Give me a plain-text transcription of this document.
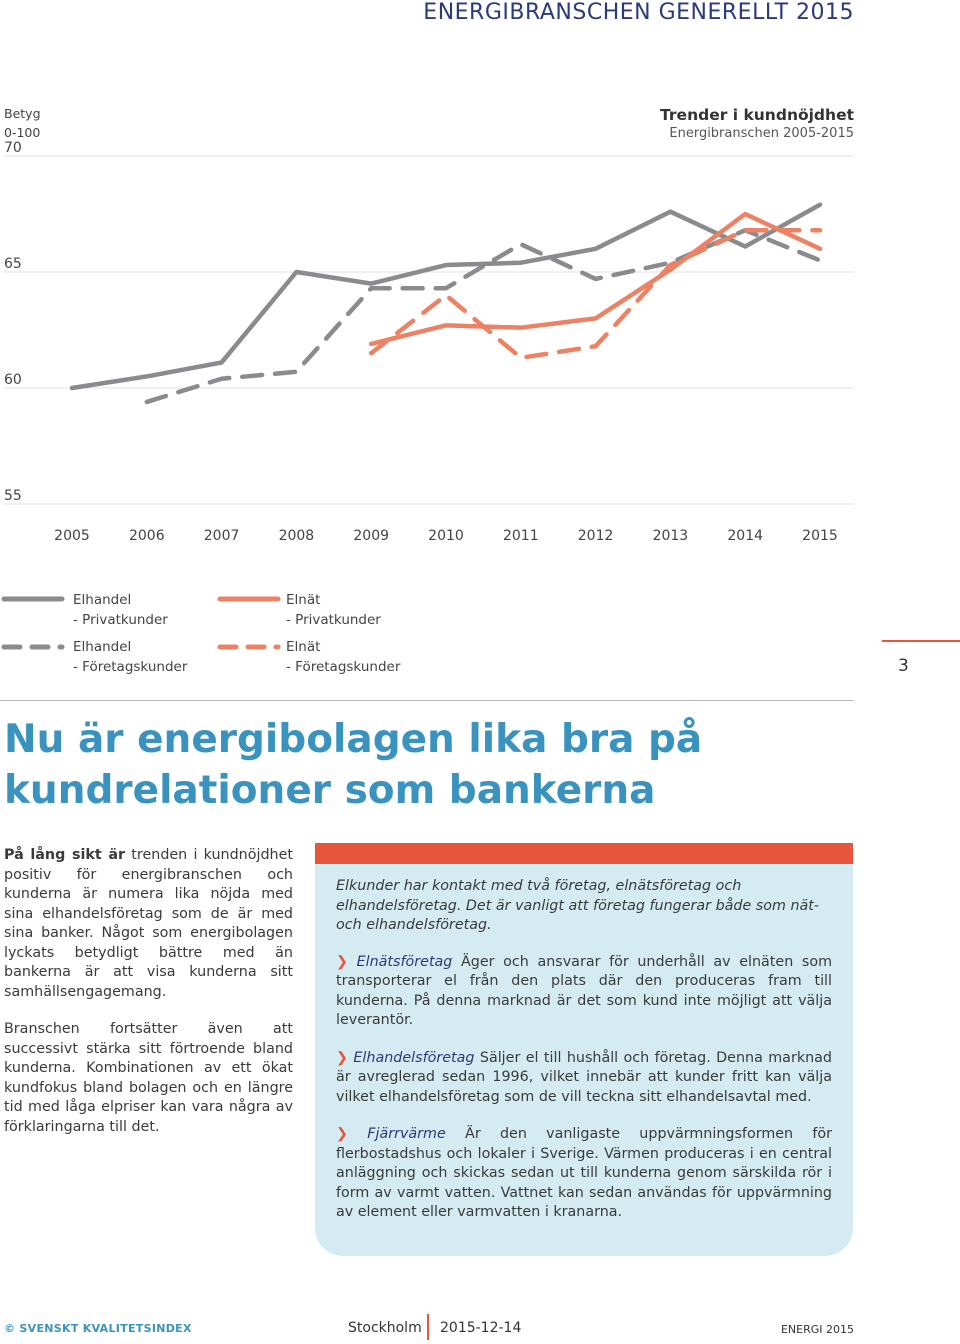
ENERGIBRANSCHEN GENERELLT 2015
Betyg
0-100
Trender i kundnöjdhet
Energibranschen 2005-2015
70
65
60
55
2005	2006	2007	2008	2009	2010	2011	2012	2013	2014	2015
Elhandel
- Privatkunder
Elhandel
- Företagskunder
Elnät
- Privatkunder
Elnät
- Företagskunder	3
Nu är energibolagen lika bra på
kundrelationer som bankerna

På lång sikt är trenden i kundnöjdhet positiv för energibranschen och kunderna är numera lika nöjda med sina elhandelsföretag som de är med sina banker. Något som energibolagen lyckats betydligt bättre med än bankerna är att visa kunderna sitt samhällsengagemang.

Branschen fortsätter även att successivt stärka sitt förtroende bland kunderna. Kombinationen av ett ökat kundfokus bland bolagen och en längre tid med låga elpriser kan vara några av förklaringarna till det.

Elkunder har kontakt med två företag, elnätsföretag och elhandelsföretag. Det är vanligt att företag fungerar både som nät- och elhandelsföretag.

❯ Elnätsföretag Äger och ansvarar för underhåll av elnäten som transporterar el från den plats där den produceras fram till kunderna. På denna marknad är det som kund inte möjligt att välja leverantör.

❯ Elhandelsföretag Säljer el till hushåll och företag. Denna marknad är avreglerad sedan 1996, vilket innebär att kunder fritt kan välja vilket elhandelsföretag som de vill teckna sitt elhandelsavtal med.

❯ Fjärrvärme Är den vanligaste uppvärmningsformen för flerbostadshus och lokaler i Sverige. Värmen produceras i en central anläggning och skickas sedan ut till kunderna genom särskilda rör i form av varmt vatten. Vattnet kan sedan användas för uppvärmning av element eller varmvatten i kranarna.

© SVENSKT KVALITETSINDEX	Stockholm 2015-12-14	ENERGI 2015
